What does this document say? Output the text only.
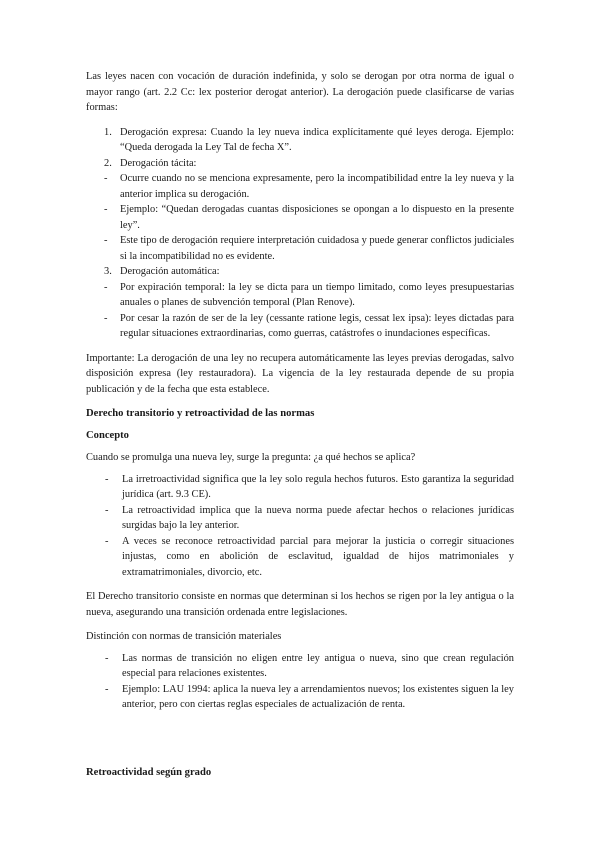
Las leyes nacen con vocación de duración indefinida, y solo se derogan por otra norma de igual o mayor rango (art. 2.2 Cc: lex posterior derogat anterior). La derogación puede clasificarse de varias formas:

1. Derogación expresa: Cuando la ley nueva indica explícitamente qué leyes deroga. Ejemplo: “Queda derogada la Ley Tal de fecha X”.
2. Derogación tácita:
- Ocurre cuando no se menciona expresamente, pero la incompatibilidad entre la ley nueva y la anterior implica su derogación.
- Ejemplo: “Quedan derogadas cuantas disposiciones se opongan a lo dispuesto en la presente ley”.
- Este tipo de derogación requiere interpretación cuidadosa y puede generar conflictos judiciales si la incompatibilidad no es evidente.
3. Derogación automática:
- Por expiración temporal: la ley se dicta para un tiempo limitado, como leyes presupuestarias anuales o planes de subvención temporal (Plan Renove).
- Por cesar la razón de ser de la ley (cessante ratione legis, cessat lex ipsa): leyes dictadas para regular situaciones extraordinarias, como guerras, catástrofes o inundaciones específicas.

Importante: La derogación de una ley no recupera automáticamente las leyes previas derogadas, salvo disposición expresa (ley restauradora). La vigencia de la ley restaurada depende de su propia publicación y de la fecha que esta establece.

Derecho transitorio y retroactividad de las normas
Concepto

Cuando se promulga una nueva ley, surge la pregunta: ¿a qué hechos se aplica?

- La irretroactividad significa que la ley solo regula hechos futuros. Esto garantiza la seguridad jurídica (art. 9.3 CE).
- La retroactividad implica que la nueva norma puede afectar hechos o relaciones jurídicas surgidas bajo la ley anterior.
- A veces se reconoce retroactividad parcial para mejorar la justicia o corregir situaciones injustas, como en abolición de esclavitud, igualdad de hijos matrimoniales y extramatrimoniales, divorcio, etc.

El Derecho transitorio consiste en normas que determinan si los hechos se rigen por la ley antigua o la nueva, asegurando una transición ordenada entre legislaciones.

Distinción con normas de transición materiales

- Las normas de transición no eligen entre ley antigua o nueva, sino que crean regulación especial para relaciones existentes.
- Ejemplo: LAU 1994: aplica la nueva ley a arrendamientos nuevos; los existentes siguen la ley anterior, pero con ciertas reglas especiales de actualización de renta.
Retroactividad según grado
